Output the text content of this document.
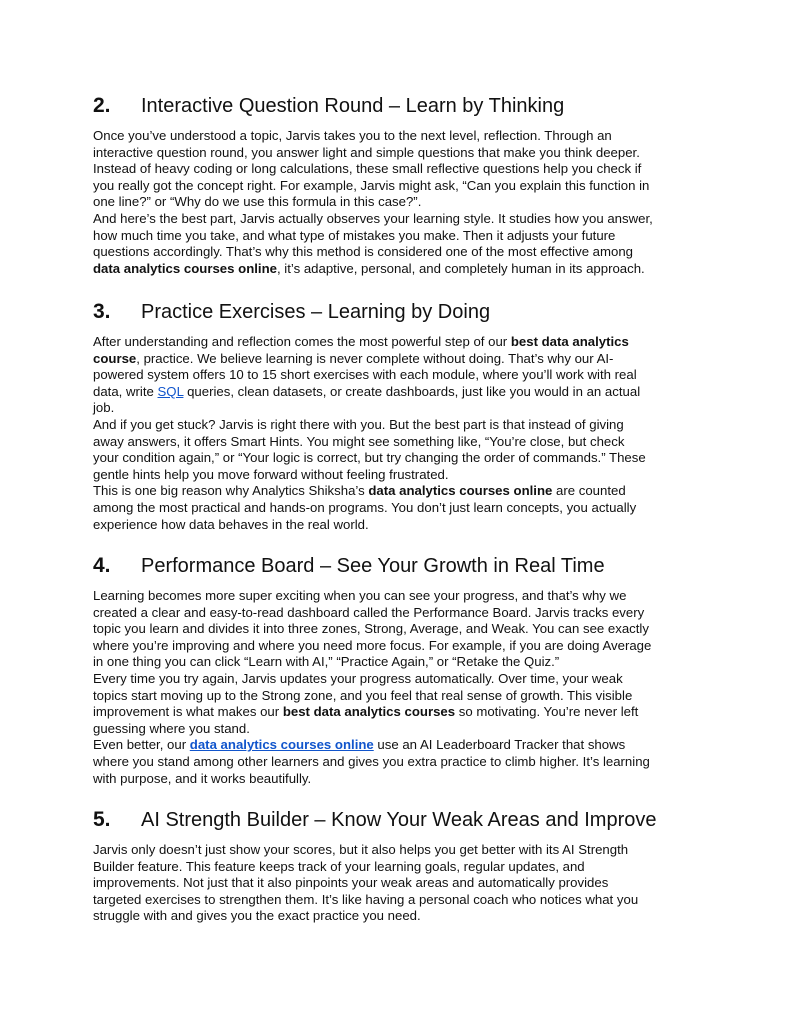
2. Interactive Question Round – Learn by Thinking
Once you’ve understood a topic, Jarvis takes you to the next level, reflection. Through an
interactive question round, you answer light and simple questions that make you think deeper.
Instead of heavy coding or long calculations, these small reflective questions help you check if
you really got the concept right. For example, Jarvis might ask, “Can you explain this function in
one line?” or “Why do we use this formula in this case?”.
And here’s the best part, Jarvis actually observes your learning style. It studies how you answer,
how much time you take, and what type of mistakes you make. Then it adjusts your future
questions accordingly. That’s why this method is considered one of the most effective among
data analytics courses online, it’s adaptive, personal, and completely human in its approach.
3. Practice Exercises – Learning by Doing
After understanding and reflection comes the most powerful step of our best data analytics
course, practice. We believe learning is never complete without doing. That’s why our AI-
powered system offers 10 to 15 short exercises with each module, where you’ll work with real
data, write SQL queries, clean datasets, or create dashboards, just like you would in an actual
job.
And if you get stuck? Jarvis is right there with you. But the best part is that instead of giving
away answers, it offers Smart Hints. You might see something like, “You’re close, but check
your condition again,” or “Your logic is correct, but try changing the order of commands.” These
gentle hints help you move forward without feeling frustrated.
This is one big reason why Analytics Shiksha’s data analytics courses online are counted
among the most practical and hands-on programs. You don’t just learn concepts, you actually
experience how data behaves in the real world.
4. Performance Board – See Your Growth in Real Time
Learning becomes more super exciting when you can see your progress, and that’s why we
created a clear and easy-to-read dashboard called the Performance Board. Jarvis tracks every
topic you learn and divides it into three zones, Strong, Average, and Weak. You can see exactly
where you’re improving and where you need more focus. For example, if you are doing Average
in one thing you can click “Learn with AI,” “Practice Again,” or “Retake the Quiz.”
Every time you try again, Jarvis updates your progress automatically. Over time, your weak
topics start moving up to the Strong zone, and you feel that real sense of growth. This visible
improvement is what makes our best data analytics courses so motivating. You’re never left
guessing where you stand.
Even better, our data analytics courses online use an AI Leaderboard Tracker that shows
where you stand among other learners and gives you extra practice to climb higher. It’s learning
with purpose, and it works beautifully.
5. AI Strength Builder – Know Your Weak Areas and Improve
Jarvis only doesn’t just show your scores, but it also helps you get better with its AI Strength
Builder feature. This feature keeps track of your learning goals, regular updates, and
improvements. Not just that it also pinpoints your weak areas and automatically provides
targeted exercises to strengthen them. It’s like having a personal coach who notices what you
struggle with and gives you the exact practice you need.
